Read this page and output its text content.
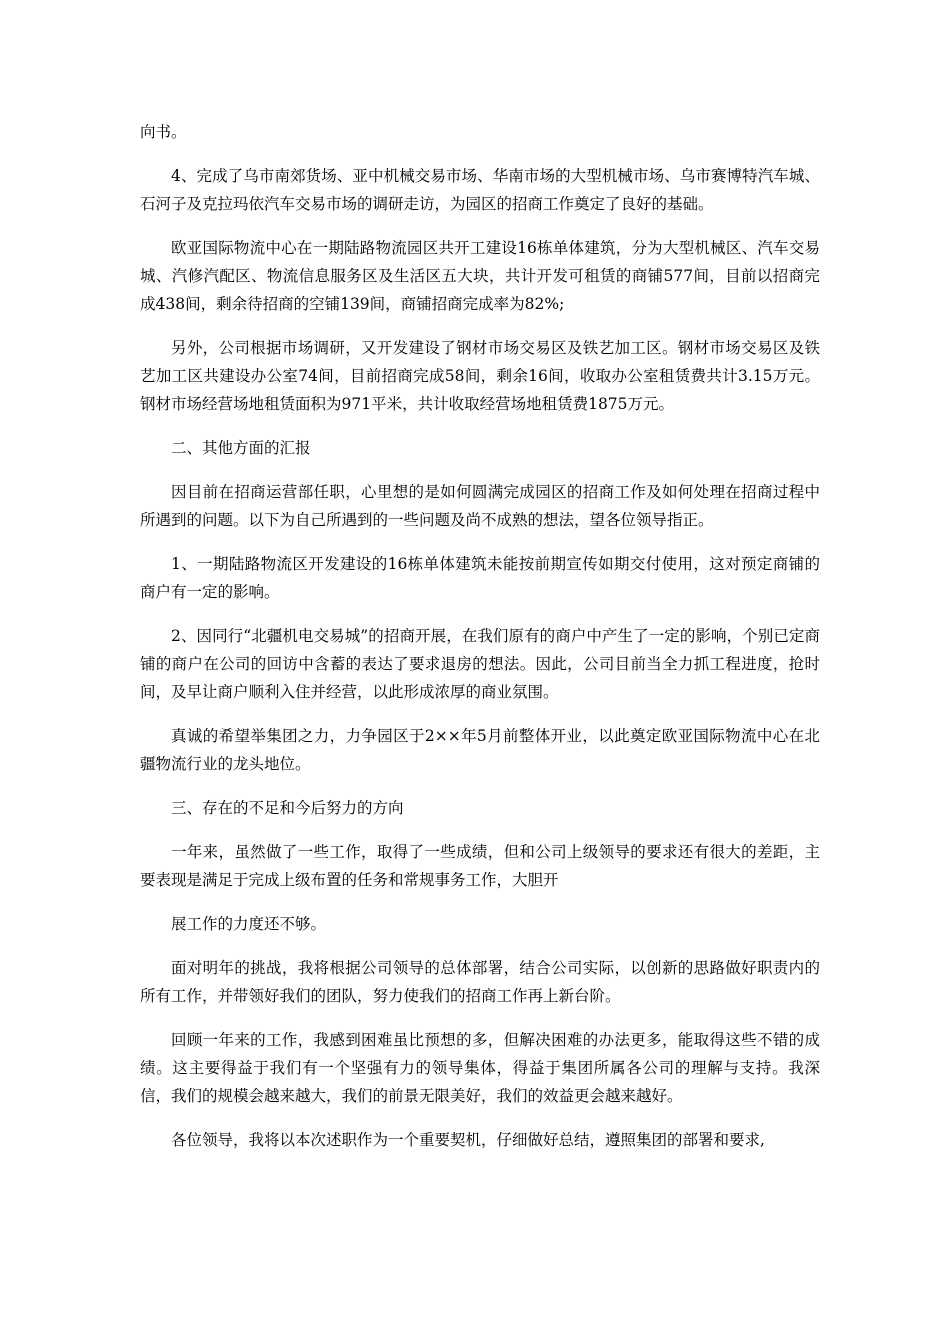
向书。

4、完成了乌市南郊货场、亚中机械交易市场、华南市场的大型机械市场、乌市赛博特汽车城、石河子及克拉玛依汽车交易市场的调研走访，为园区的招商工作奠定了良好的基础。

欧亚国际物流中心在一期陆路物流园区共开工建设16栋单体建筑，分为大型机械区、汽车交易城、汽修汽配区、物流信息服务区及生活区五大块，共计开发可租赁的商铺577间，目前以招商完成438间，剩余待招商的空铺139间，商铺招商完成率为82%;

另外，公司根据市场调研，又开发建设了钢材市场交易区及铁艺加工区。钢材市场交易区及铁艺加工区共建设办公室74间，目前招商完成58间，剩余16间，收取办公室租赁费共计3.15万元。钢材市场经营场地租赁面积为971平米，共计收取经营场地租赁费1875万元。

二、其他方面的汇报

因目前在招商运营部任职，心里想的是如何圆满完成园区的招商工作及如何处理在招商过程中所遇到的问题。以下为自己所遇到的一些问题及尚不成熟的想法，望各位领导指正。

1、一期陆路物流区开发建设的16栋单体建筑未能按前期宣传如期交付使用，这对预定商铺的商户有一定的影响。

2、因同行“北疆机电交易城”的招商开展，在我们原有的商户中产生了一定的影响，个别已定商铺的商户在公司的回访中含蓄的表达了要求退房的想法。因此，公司目前当全力抓工程进度，抢时间，及早让商户顺利入住并经营，以此形成浓厚的商业氛围。

真诚的希望举集团之力，力争园区于2××年5月前整体开业，以此奠定欧亚国际物流中心在北疆物流行业的龙头地位。

三、存在的不足和今后努力的方向

一年来，虽然做了一些工作，取得了一些成绩，但和公司上级领导的要求还有很大的差距，主要表现是满足于完成上级布置的任务和常规事务工作，大胆开

展工作的力度还不够。

面对明年的挑战，我将根据公司领导的总体部署，结合公司实际，以创新的思路做好职责内的所有工作，并带领好我们的团队，努力使我们的招商工作再上新台阶。

回顾一年来的工作，我感到困难虽比预想的多，但解决困难的办法更多，能取得这些不错的成绩。这主要得益于我们有一个坚强有力的领导集体，得益于集团所属各公司的理解与支持。我深信，我们的规模会越来越大，我们的前景无限美好，我们的效益更会越来越好。

各位领导，我将以本次述职作为一个重要契机，仔细做好总结，遵照集团的部署和要求,
